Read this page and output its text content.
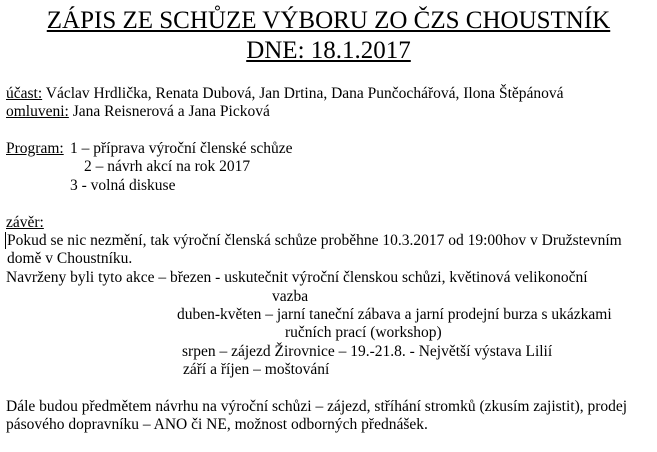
ZÁPIS ZE SCHŮZE VÝBORU ZO ČZS CHOUSTNÍK
DNE: 18.1.2017
účast: Václav Hrdlička, Renata Dubová, Jan Drtina, Dana Punčochářová, Ilona Štěpánová
omluveni: Jana Reisnerová a Jana Picková
Program: 1 – příprava výroční členské schůze
2 – návrh akcí na rok 2017
3 - volná diskuse
závěr:
Pokud se nic nezmění, tak výroční členská schůze proběhne 10.3.2017 od 19:00hov v Družstevním
domě v Choustníku.
Navrženy byli tyto akce – březen - uskutečnit výroční členskou schůzi, květinová velikonoční
vazba
duben-květen – jarní taneční zábava a jarní prodejní burza s ukázkami
ručních prací (workshop)
srpen – zájezd Žirovnice – 19.-21.8. - Největší výstava Lilií
září a říjen – moštování
Dále budou předmětem návrhu na výroční schůzi – zájezd, stříhání stromků (zkusím zajistit), prodej
pásového dopravníku – ANO či NE, možnost odborných přednášek.
